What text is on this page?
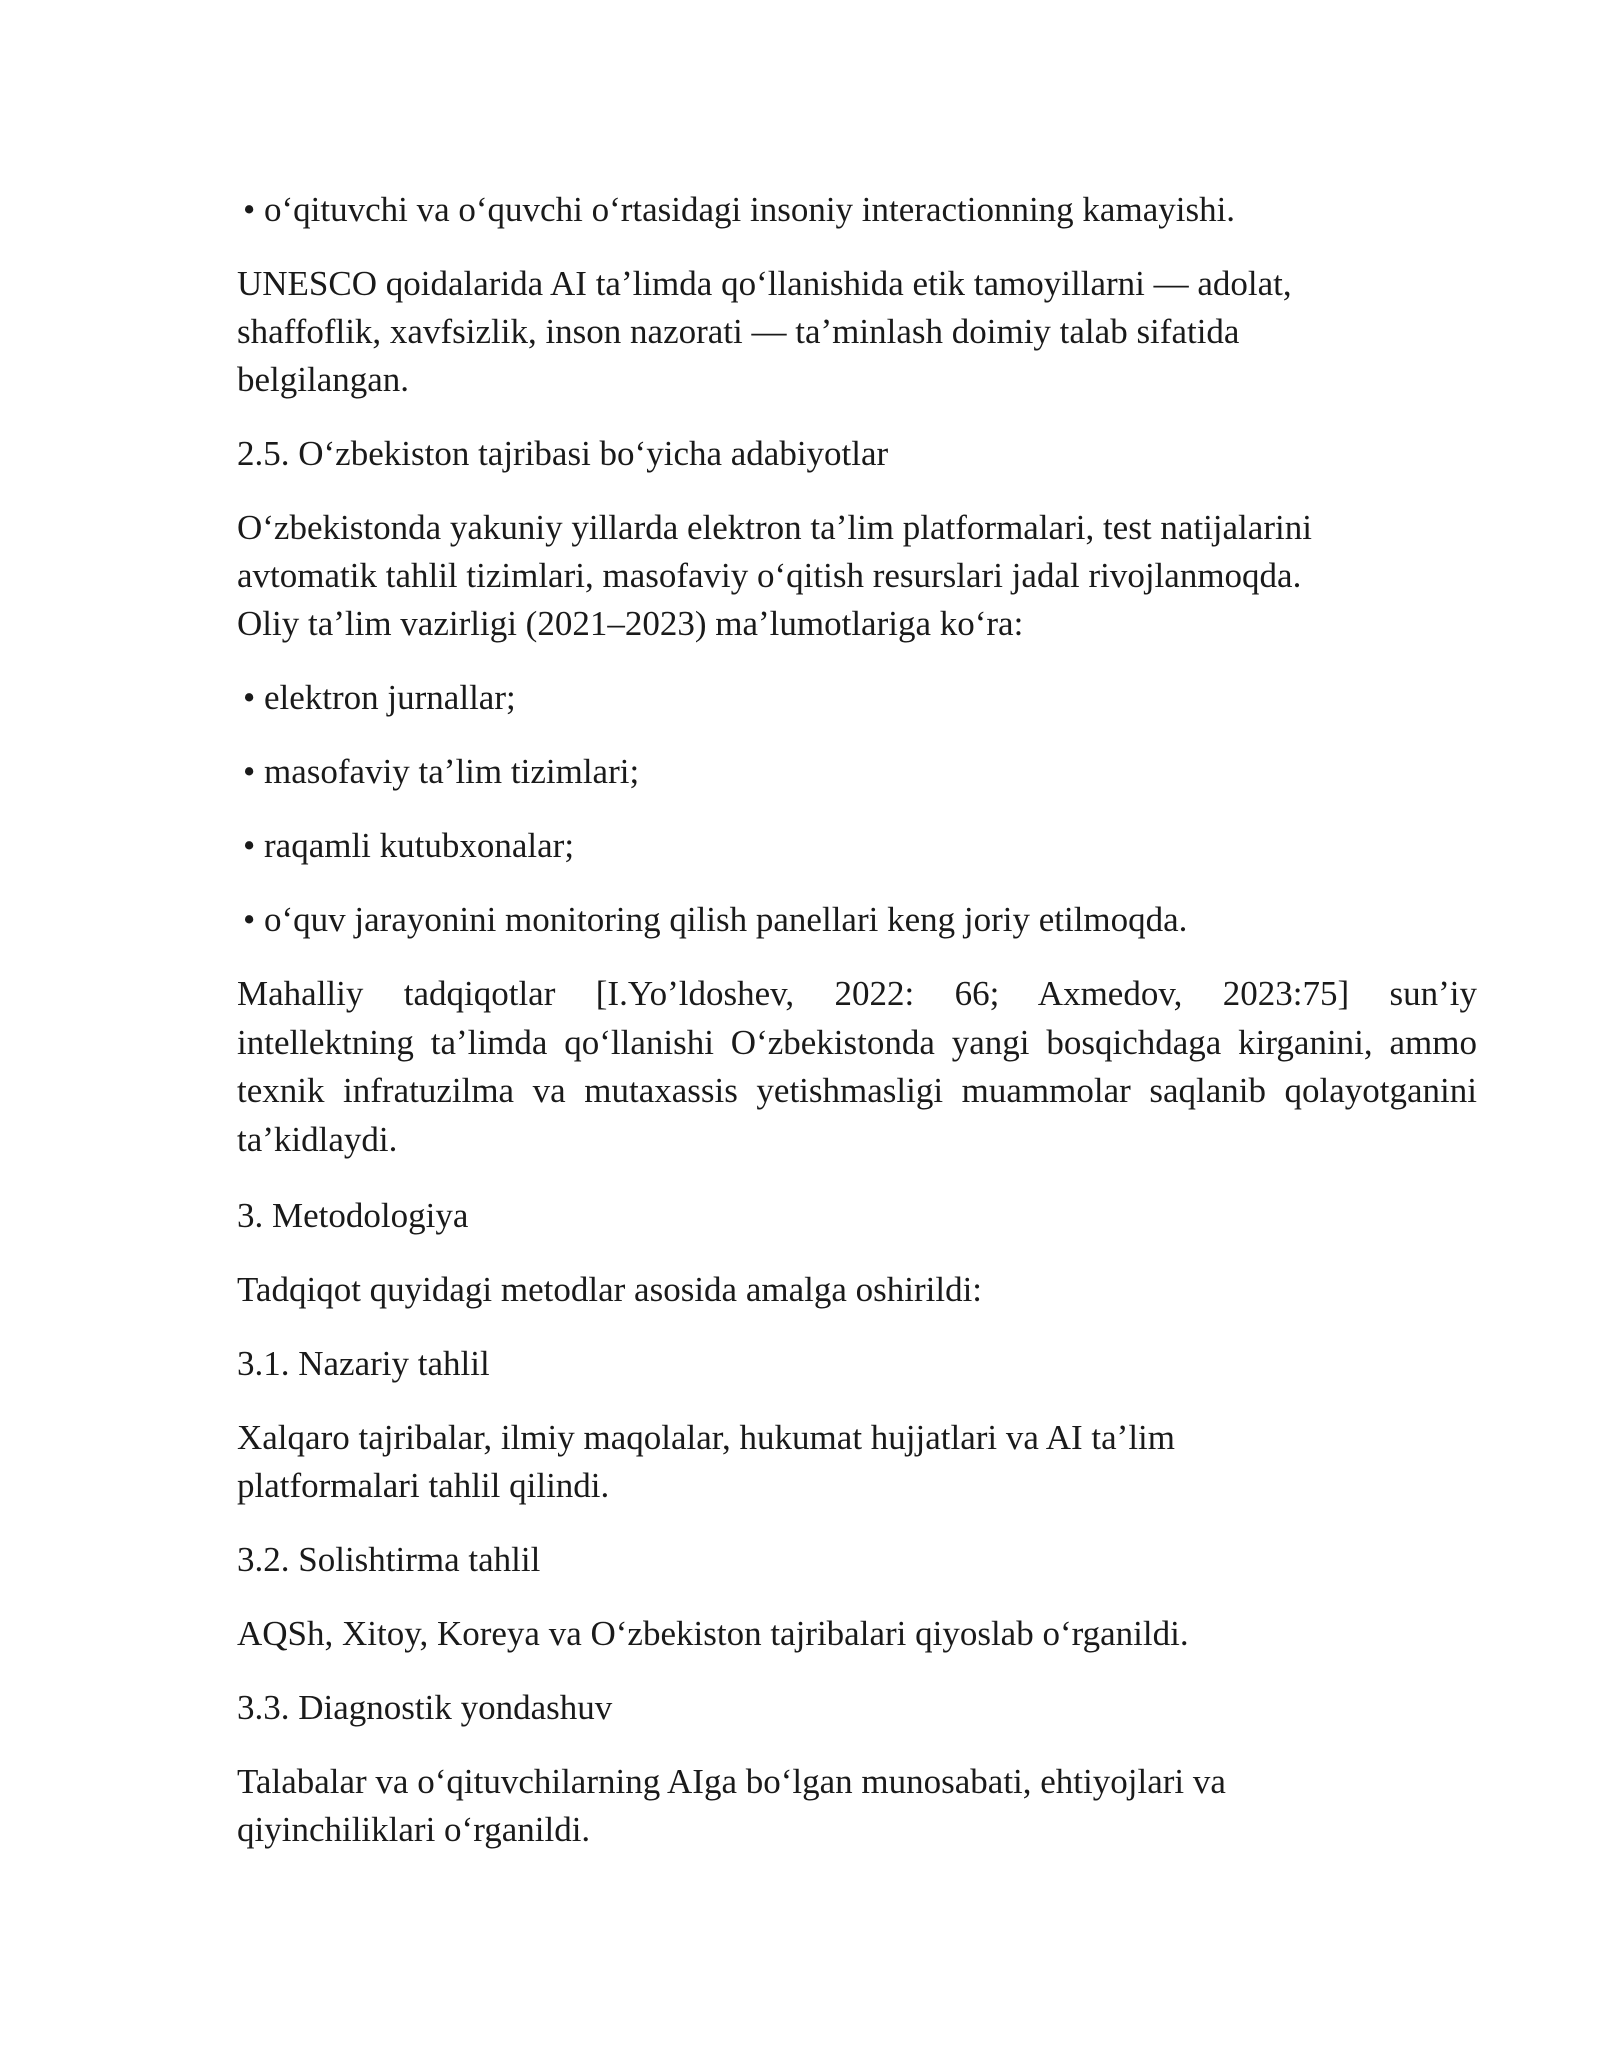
• oʻqituvchi va oʻquvchi oʻrtasidagi insoniy interactionning kamayishi.

UNESCO qoidalarida AI taʼlimda qoʻllanishida etik tamoyillarni — adolat,

shaffoflik, xavfsizlik, inson nazorati — taʼminlash doimiy talab sifatida

belgilangan.

2.5. Oʻzbekiston tajribasi boʻyicha adabiyotlar

Oʻzbekistonda yakuniy yillarda elektron taʼlim platformalari, test natijalarini

avtomatik tahlil tizimlari, masofaviy oʻqitish resurslari jadal rivojlanmoqda.

Oliy taʼlim vazirligi (2021–2023) maʼlumotlariga koʻra:

• elektron jurnallar;

• masofaviy taʼlim tizimlari;

• raqamli kutubxonalar;

• oʻquv jarayonini monitoring qilish panellari keng joriy etilmoqda.

Mahalliy tadqiqotlar [I.Yoʼldoshev, 2022: 66; Axmedov, 2023:75] sunʼiy
intellektning taʼlimda qoʻllanishi Oʻzbekistonda yangi bosqichdaga kirganini, ammo
texnik infratuzilma va mutaxassis yetishmasligi muammolar saqlanib qolayotganini
taʼkidlaydi.

3. Metodologiya

Tadqiqot quyidagi metodlar asosida amalga oshirildi:

3.1. Nazariy tahlil

Xalqaro tajribalar, ilmiy maqolalar, hukumat hujjatlari va AI taʼlim

platformalari tahlil qilindi.

3.2. Solishtirma tahlil

AQSh, Xitoy, Koreya va Oʻzbekiston tajribalari qiyoslab oʻrganildi.

3.3. Diagnostik yondashuv

Talabalar va oʻqituvchilarning AIga boʻlgan munosabati, ehtiyojlari va

qiyinchiliklari oʻrganildi.
